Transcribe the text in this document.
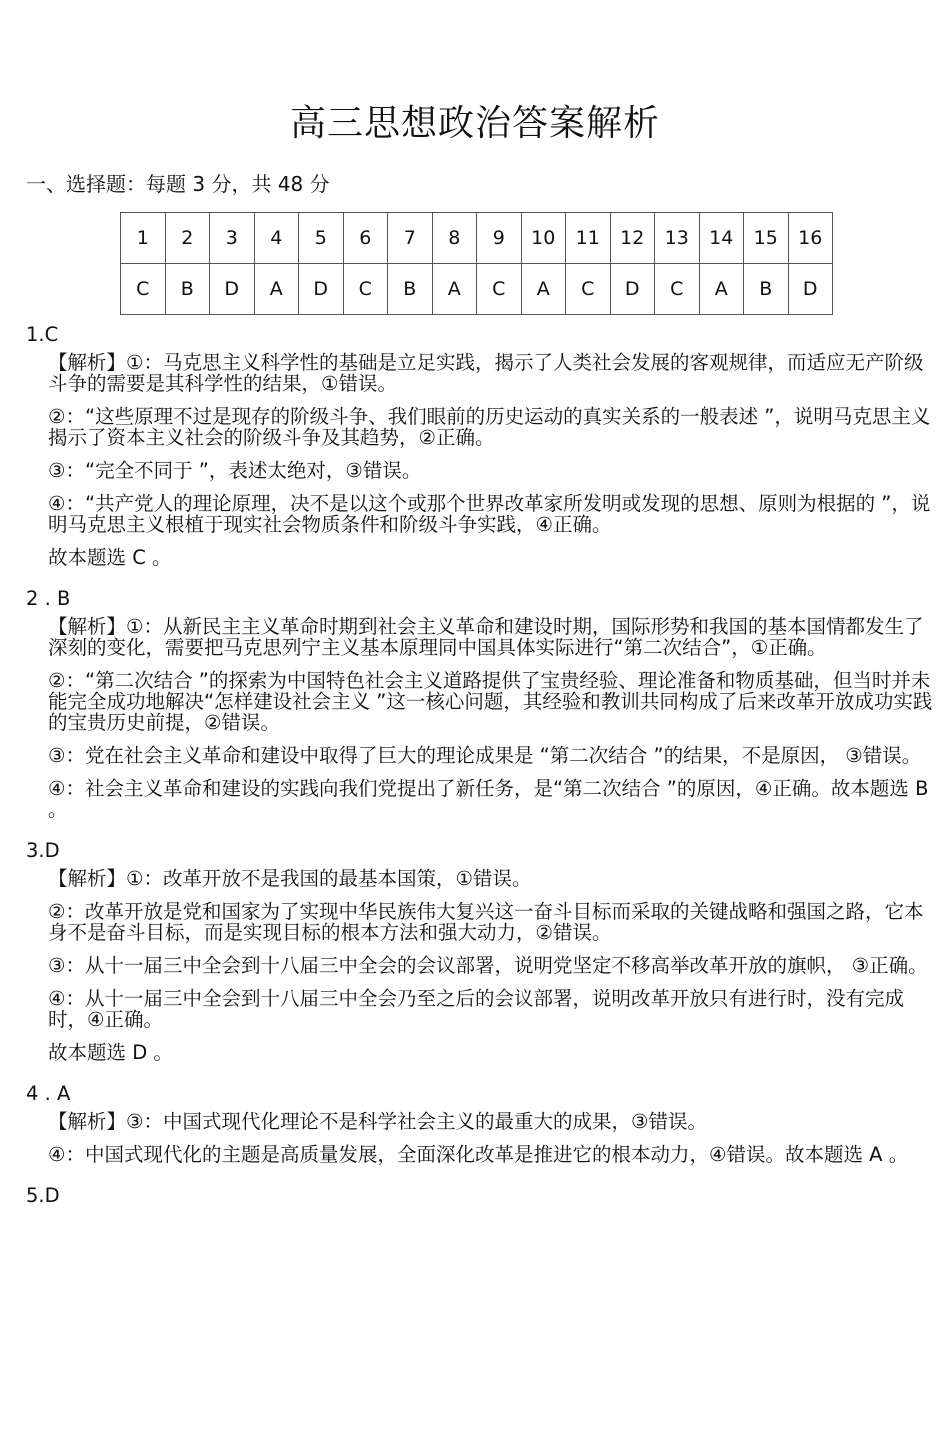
高三思想政治答案解析
一、选择题：每题 3 分，共 48 分
1	2	3	4	5	6	7	8	9	10	11	12	13	14	15	16
C	B	D	A	D	C	B	A	C	A	C	D	C	A	B	D

1.C

【解析】①：马克思主义科学性的基础是立足实践，揭示了人类社会发展的客观规律，而适应无产阶级斗争的需要是其科学性的结果，①错误。

②：“这些原理不过是现存的阶级斗争、我们眼前的历史运动的真实关系的一般表述 ”，说明马克思主义揭示了资本主义社会的阶级斗争及其趋势，②正确。

③：“完全不同于 ”，表述太绝对，③错误。

④：“共产党人的理论原理，决不是以这个或那个世界改革家所发明或发现的思想、原则为根据的 ”，说明马克思主义根植于现实社会物质条件和阶级斗争实践，④正确。

故本题选 C 。

2 . B

【解析】①：从新民主主义革命时期到社会主义革命和建设时期，国际形势和我国的基本国情都发生了深刻的变化，需要把马克思列宁主义基本原理同中国具体实际进行“第二次结合”，①正确。

②：“第二次结合 ”的探索为中国特色社会主义道路提供了宝贵经验、理论准备和物质基础，但当时并未能完全成功地解决“怎样建设社会主义 ”这一核心问题，其经验和教训共同构成了后来改革开放成功实践的宝贵历史前提，②错误。

③：党在社会主义革命和建设中取得了巨大的理论成果是 “第二次结合 ”的结果，不是原因， ③错误。

④：社会主义革命和建设的实践向我们党提出了新任务，是“第二次结合 ”的原因，④正确。故本题选 B 。

3.D

【解析】①：改革开放不是我国的最基本国策，①错误。

②：改革开放是党和国家为了实现中华民族伟大复兴这一奋斗目标而采取的关键战略和强国之路，它本身不是奋斗目标，而是实现目标的根本方法和强大动力，②错误。

③：从十一届三中全会到十八届三中全会的会议部署，说明党坚定不移高举改革开放的旗帜， ③正确。

④：从十一届三中全会到十八届三中全会乃至之后的会议部署，说明改革开放只有进行时，没有完成时，④正确。

故本题选 D 。

4 . A

【解析】③：中国式现代化理论不是科学社会主义的最重大的成果，③错误。

④：中国式现代化的主题是高质量发展，全面深化改革是推进它的根本动力，④错误。故本题选 A 。

5.D
